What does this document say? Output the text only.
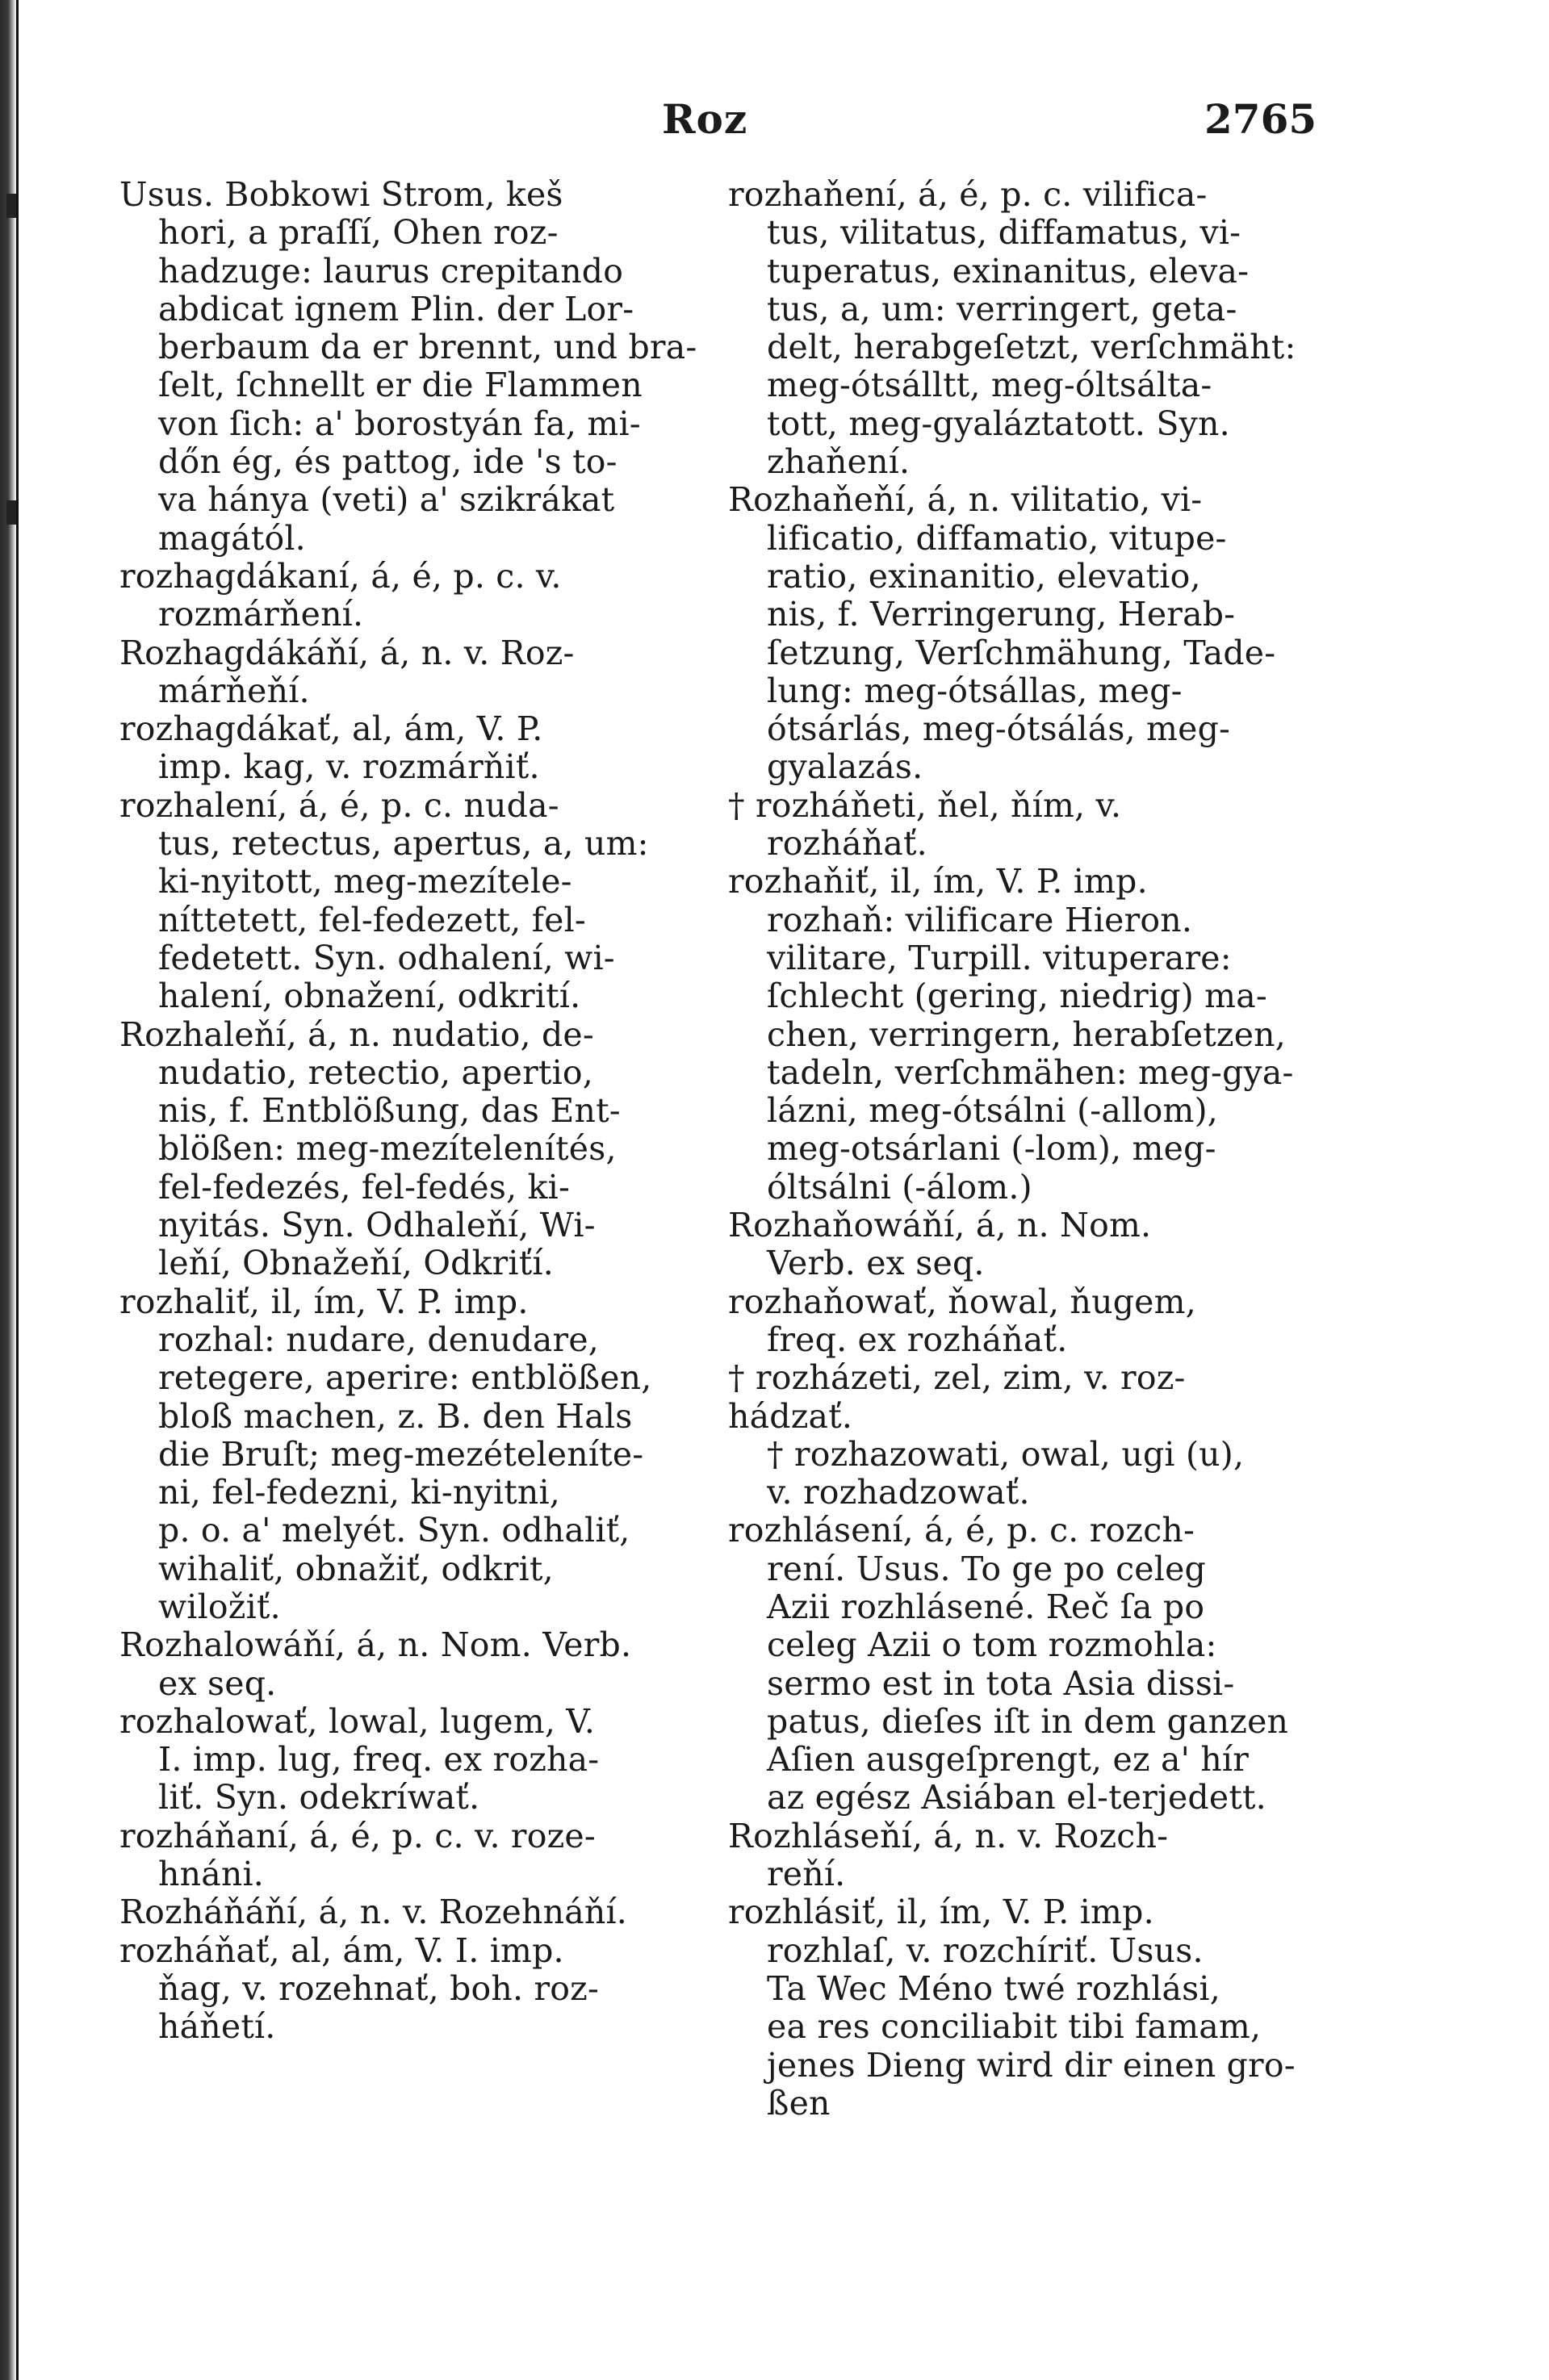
Roz	2765
Usus. Bobkowi Strom, keš
hori, a praſſí, Ohen roz-
hadzuge: laurus crepitando
abdicat ignem Plin. der Lor-
berbaum da er brennt, und bra-
ſelt, ſchnellt er die Flammen
von ſich: a' borostyán fa, mi-
dőn ég, és pattog, ide 's to-
va hánya (veti) a' szikrákat
magától.
rozhagdákaní, á, é, p. c. v.
rozmárňení.
Rozhagdákáňí, á, n. v. Roz-
márňeňí.
rozhagdákať, al, ám, V. P.
imp. kag, v. rozmárňiť.
rozhalení, á, é, p. c. nuda-
tus, retectus, apertus, a, um:
ki-nyitott, meg-mezítele-
níttetett, fel-fedezett, fel-
fedetett. Syn. odhalení, wi-
halení, obnažení, odkrití.
Rozhaleňí, á, n. nudatio, de-
nudatio, retectio, apertio,
nis, f. Entblößung, das Ent-
blößen: meg-mezítelenítés,
fel-fedezés, fel-fedés, ki-
nyitás. Syn. Odhaleňí, Wi-
leňí, Obnažeňí, Odkriťí.
rozhaliť, il, ím, V. P. imp.
rozhal: nudare, denudare,
retegere, aperire: entblößen,
bloß machen, z. B. den Hals
die Bruſt; meg-mezételeníte-
ni, fel-fedezni, ki-nyitni,
p. o. a' melyét. Syn. odhaliť,
wihaliť, obnažiť, odkrit,
wiložiť.
Rozhalowáňí, á, n. Nom. Verb.
ex seq.
rozhalowať, lowal, lugem, V.
I. imp. lug, freq. ex rozha-
liť. Syn. odekríwať.
rozháňaní, á, é, p. c. v. roze-
hnáni.
Rozháňáňí, á, n. v. Rozehnáňí.
rozháňať, al, ám, V. I. imp.
ňag, v. rozehnať, boh. roz-
háňetí.
rozhaňení, á, é, p. c. vilifica-
tus, vilitatus, diffamatus, vi-
tuperatus, exinanitus, eleva-
tus, a, um: verringert, geta-
delt, herabgeſetzt, verſchmäht:
meg-ótsálltt, meg-óltsálta-
tott, meg-gyaláztatott. Syn.
zhaňení.
Rozhaňeňí, á, n. vilitatio, vi-
lificatio, diffamatio, vitupe-
ratio, exinanitio, elevatio,
nis, f. Verringerung, Herab-
ſetzung, Verſchmähung, Tade-
lung: meg-ótsállas, meg-
ótsárlás, meg-ótsálás, meg-
gyalazás.
† rozháňeti, ňel, ňím, v.
rozháňať.
rozhaňiť, il, ím, V. P. imp.
rozhaň: vilificare Hieron.
vilitare, Turpill. vituperare:
ſchlecht (gering, niedrig) ma-
chen, verringern, herabſetzen,
tadeln, verſchmähen: meg-gya-
lázni, meg-ótsálni (-allom),
meg-otsárlani (-lom), meg-
óltsálni (-álom.)
Rozhaňowáňí, á, n. Nom.
Verb. ex seq.
rozhaňowať, ňowal, ňugem,
freq. ex rozháňať.
† rozházeti, zel, zim, v. roz-
hádzať.
† rozhazowati, owal, ugi (u),
v. rozhadzowať.
rozhlásení, á, é, p. c. rozch-
rení. Usus. To ge po celeg
Azii rozhlásené. Reč ſa po
celeg Azii o tom rozmohla:
sermo est in tota Asia dissi-
patus, dieſes iſt in dem ganzen
Aſien ausgeſprengt, ez a' hír
az egész Asiában el-terjedett.
Rozhláseňí, á, n. v. Rozch-
reňí.
rozhlásiť, il, ím, V. P. imp.
rozhlaſ, v. rozchíriť. Usus.
Ta Wec Méno twé rozhlási,
ea res conciliabit tibi famam,
jenes Dieng wird dir einen gro-
ßen
